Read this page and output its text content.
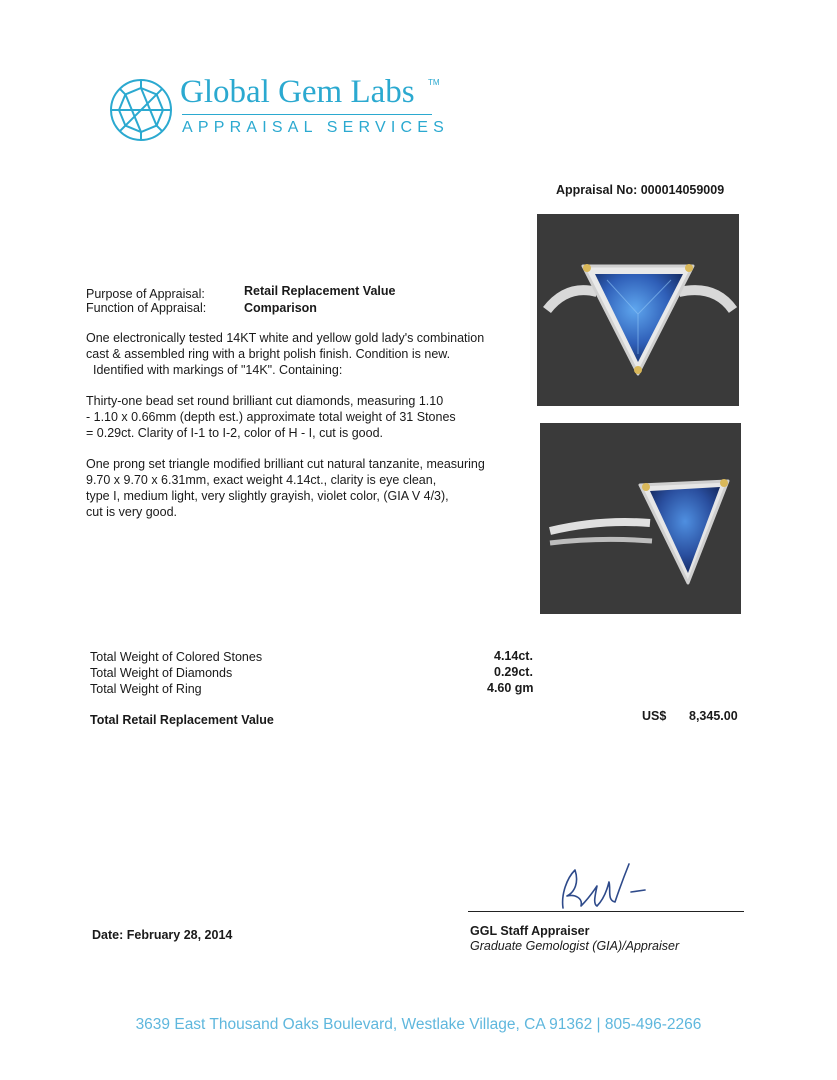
Global Gem Labs TM
APPRAISAL SERVICES
Appraisal No: 000014059009
Purpose of Appraisal:	Retail Replacement Value
Function of Appraisal:	Comparison
One electronically tested 14KT white and yellow gold lady's combination
cast & assembled ring with a bright polish finish. Condition is new.
Identified with markings of "14K". Containing:
Thirty-one bead set round brilliant cut diamonds, measuring 1.10
- 1.10 x 0.66mm (depth est.) approximate total weight of 31 Stones
= 0.29ct. Clarity of I-1 to I-2, color of H - I, cut is good.
One prong set triangle modified brilliant cut natural tanzanite, measuring
9.70 x 9.70 x 6.31mm, exact weight 4.14ct., clarity is eye clean,
type I, medium light, very slightly grayish, violet color, (GIA V 4/3),
cut is very good.
Total Weight of Colored Stones	4.14ct.
Total Weight of Diamonds	0.29ct.
Total Weight of Ring	4.60 gm
Total Retail Replacement Value	US$ 8,345.00
Date: February 28, 2014	GGL Staff Appraiser
Graduate Gemologist (GIA)/Appraiser
3639 East Thousand Oaks Boulevard, Westlake Village, CA 91362 | 805-496-2266
